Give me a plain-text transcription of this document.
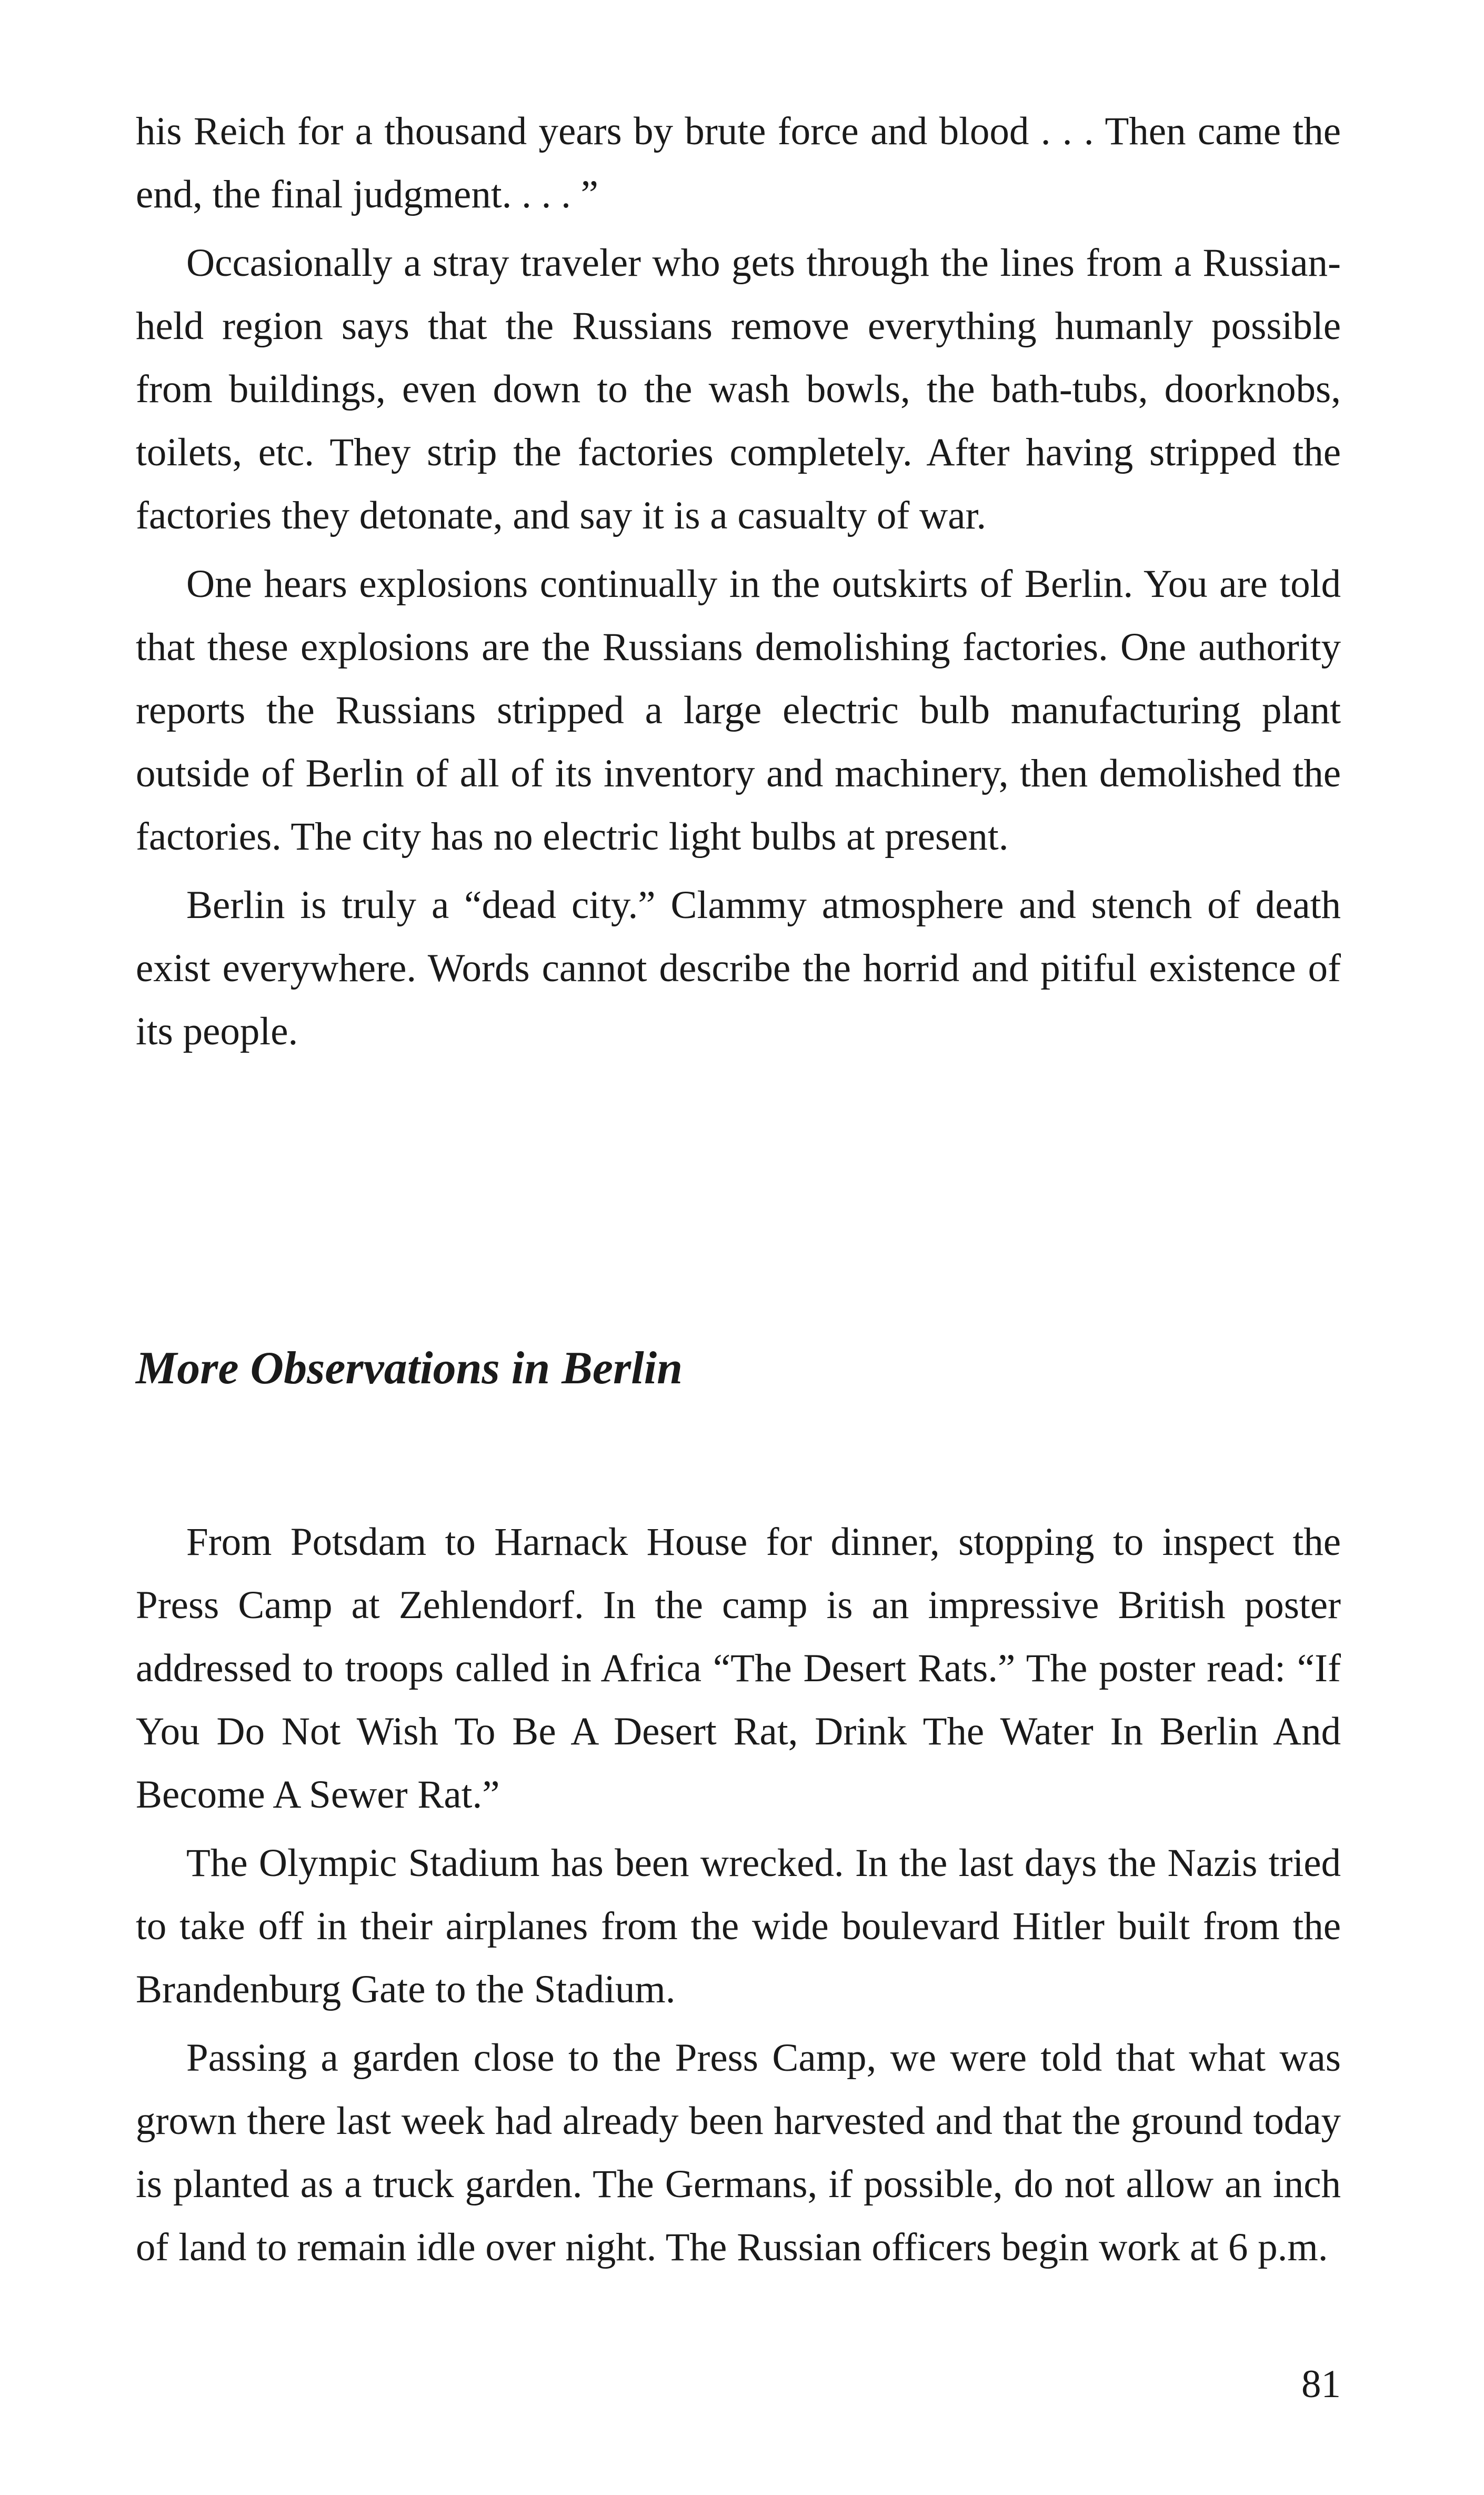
his Reich for a thousand years by brute force and blood . . . Then came the end, the final judgment. . . . ”

Occasionally a stray traveler who gets through the lines from a Russian-held region says that the Russians remove everything humanly possible from buildings, even down to the wash bowls, the bath-tubs, doorknobs, toilets, etc. They strip the factories completely. After having stripped the factories they detonate, and say it is a casualty of war.

One hears explosions continually in the outskirts of Berlin. You are told that these explosions are the Russians demolishing factories. One authority reports the Russians stripped a large electric bulb manufacturing plant outside of Berlin of all of its inventory and machinery, then demolished the factories. The city has no electric light bulbs at present.

Berlin is truly a “dead city.” Clammy atmosphere and stench of death exist everywhere. Words cannot describe the horrid and pitiful existence of its people.

More Observations in Berlin

From Potsdam to Harnack House for dinner, stopping to inspect the Press Camp at Zehlendorf. In the camp is an impressive British poster addressed to troops called in Africa “The Desert Rats.” The poster read: “If You Do Not Wish To Be A Desert Rat, Drink The Water In Berlin And Become A Sewer Rat.”

The Olympic Stadium has been wrecked. In the last days the Nazis tried to take off in their airplanes from the wide boulevard Hitler built from the Brandenburg Gate to the Stadium.

Passing a garden close to the Press Camp, we were told that what was grown there last week had already been harvested and that the ground today is planted as a truck garden. The Germans, if possible, do not allow an inch of land to remain idle over night. The Russian officers begin work at 6 p.m.

81
